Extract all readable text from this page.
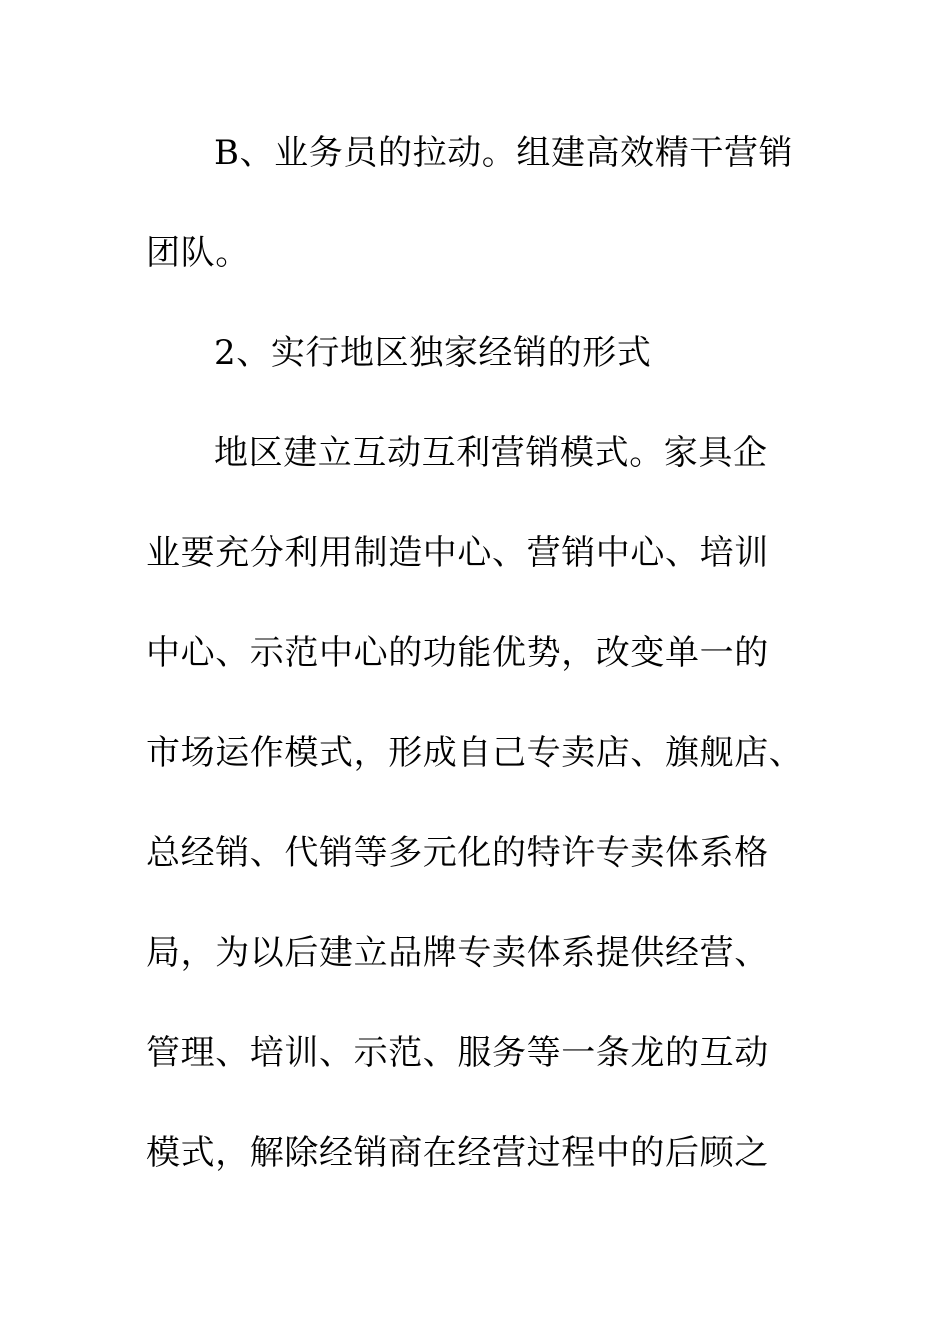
B、业务员的拉动。组建高效精干营销
团队。
2、实行地区独家经销的形式
地区建立互动互利营销模式。家具企
业要充分利用制造中心、营销中心、培训
中心、示范中心的功能优势，改变单一的
市场运作模式，形成自己专卖店、旗舰店、
总经销、代销等多元化的特许专卖体系格
局，为以后建立品牌专卖体系提供经营、
管理、培训、示范、服务等一条龙的互动
模式，解除经销商在经营过程中的后顾之
